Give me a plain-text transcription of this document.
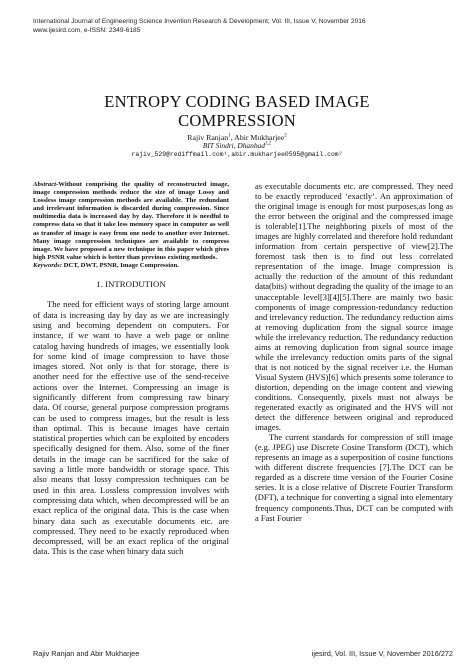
International Journal of Engineering Science Invention Research & Development; Vol. III, Issue V, November 2016
www.ijesird.com, e-ISSN: 2349-6185
ENTROPY CODING BASED IMAGE COMPRESSION
Rajiv Ranjan$^1$, Abir Mukharjee$^2$
BIT Sindri, Dhanbad$^{1,2}$
rajiv_529@rediffmail.com¹,abir.mukharjee0595@gmail.com²

Abstract-Without comprising the quality of reconstructed image, image compression methods reduce the size of image Lossy and Lossless image compression methods are available. The redundant and irrelevant information is discarded during compression. Since multimedia data is increased day by day. Therefore it is needful to compress data so that it take less memory space in computer as well as transfer of image is easy from one node to another over Internet. Many image compression techniques are available to compress image. We have proposed a new technique in this paper which gives high PSNR value which is better than previous existing methods.

Keywords: DCT, DWT, PSNR, Image Compression.

1. INTRODUTION

The need for efficient ways of storing large amount of data is increasing day by day as we are increasingly using and becoming dependent on computers. For instance, if we want to have a web page or online catalog having hundreds of images, we essentially look for some kind of image compression to have those images stored. Not only is that for storage, there is another need for the effective use of the send-receive actions over the Internet. Compressing an image is significantly different from compressing raw binary data. Of course, general purpose compression programs can be used to compress images, but the result is less than optimal. This is because images have certain statistical properties which can be exploited by encoders specifically designed for them. Also, some of the finer details in the image can be sacrificed for the sake of saving a little more bandwidth or storage space. This also means that lossy compression techniques can be used in this area. Lossless compression involves with compressing data which, when decompressed will be an exact replica of the original data. This is the case when binary data such as executable documents etc. are compressed. They need to be exactly reproduced when decompressed, will be an exact replica of the original data. This is the case when binary data such

as executable documents etc. are compressed. They need to be exactly reproduced ‘exactly’. An approximation of the original image is enough for most purposes,as long as the error between the original and the compressed image is tolerable[1].The neighboring pixels of most of the images are highly correlated and therefore hold redundant information from certain perspective of view[2].The foremost task then is to find out less correlated representation of the image. Image compression is actually the reduction of the amount of this redundant data(bits) without degrading the quality of the image to an unacceptable level[3][4][5].There are mainly two basic components of image compression-redundancy reduction and irrelevancy reduction. The redundancy reduction aims at removing duplication from the signal source image while the irrelevancy reduction. The redundancy reduction aims at removing duplication from signal source image while the irrelevancy reduction omits parts of the signal that is not noticed by the signal receiver i.e. the Human Visual System (HVS)[6] which presents some tolerance to distortion, depending on the image content and viewing conditions. Consequently, pixels must not always be regenerated exactly as originated and the HVS will not detect the difference between original and reproduced images.

The current standards for compression of still image (e.g. JPEG) use Discrete Cosine Transform (DCT), which represents an image as a superposition of cosine functions with different discrete frequencies [7].The DCT can be regarded as a discrete time version of the Fourier Cosine series. It is a close relative of Discrete Fourier Transform (DFT), a technique for converting a signal into elementary frequency components.Thus, DCT can be computed with a Fast Fourier

Rajiv Ranjan and Abir Mukharjee	ijesird, Vol. III, Issue V, November 2016/272
